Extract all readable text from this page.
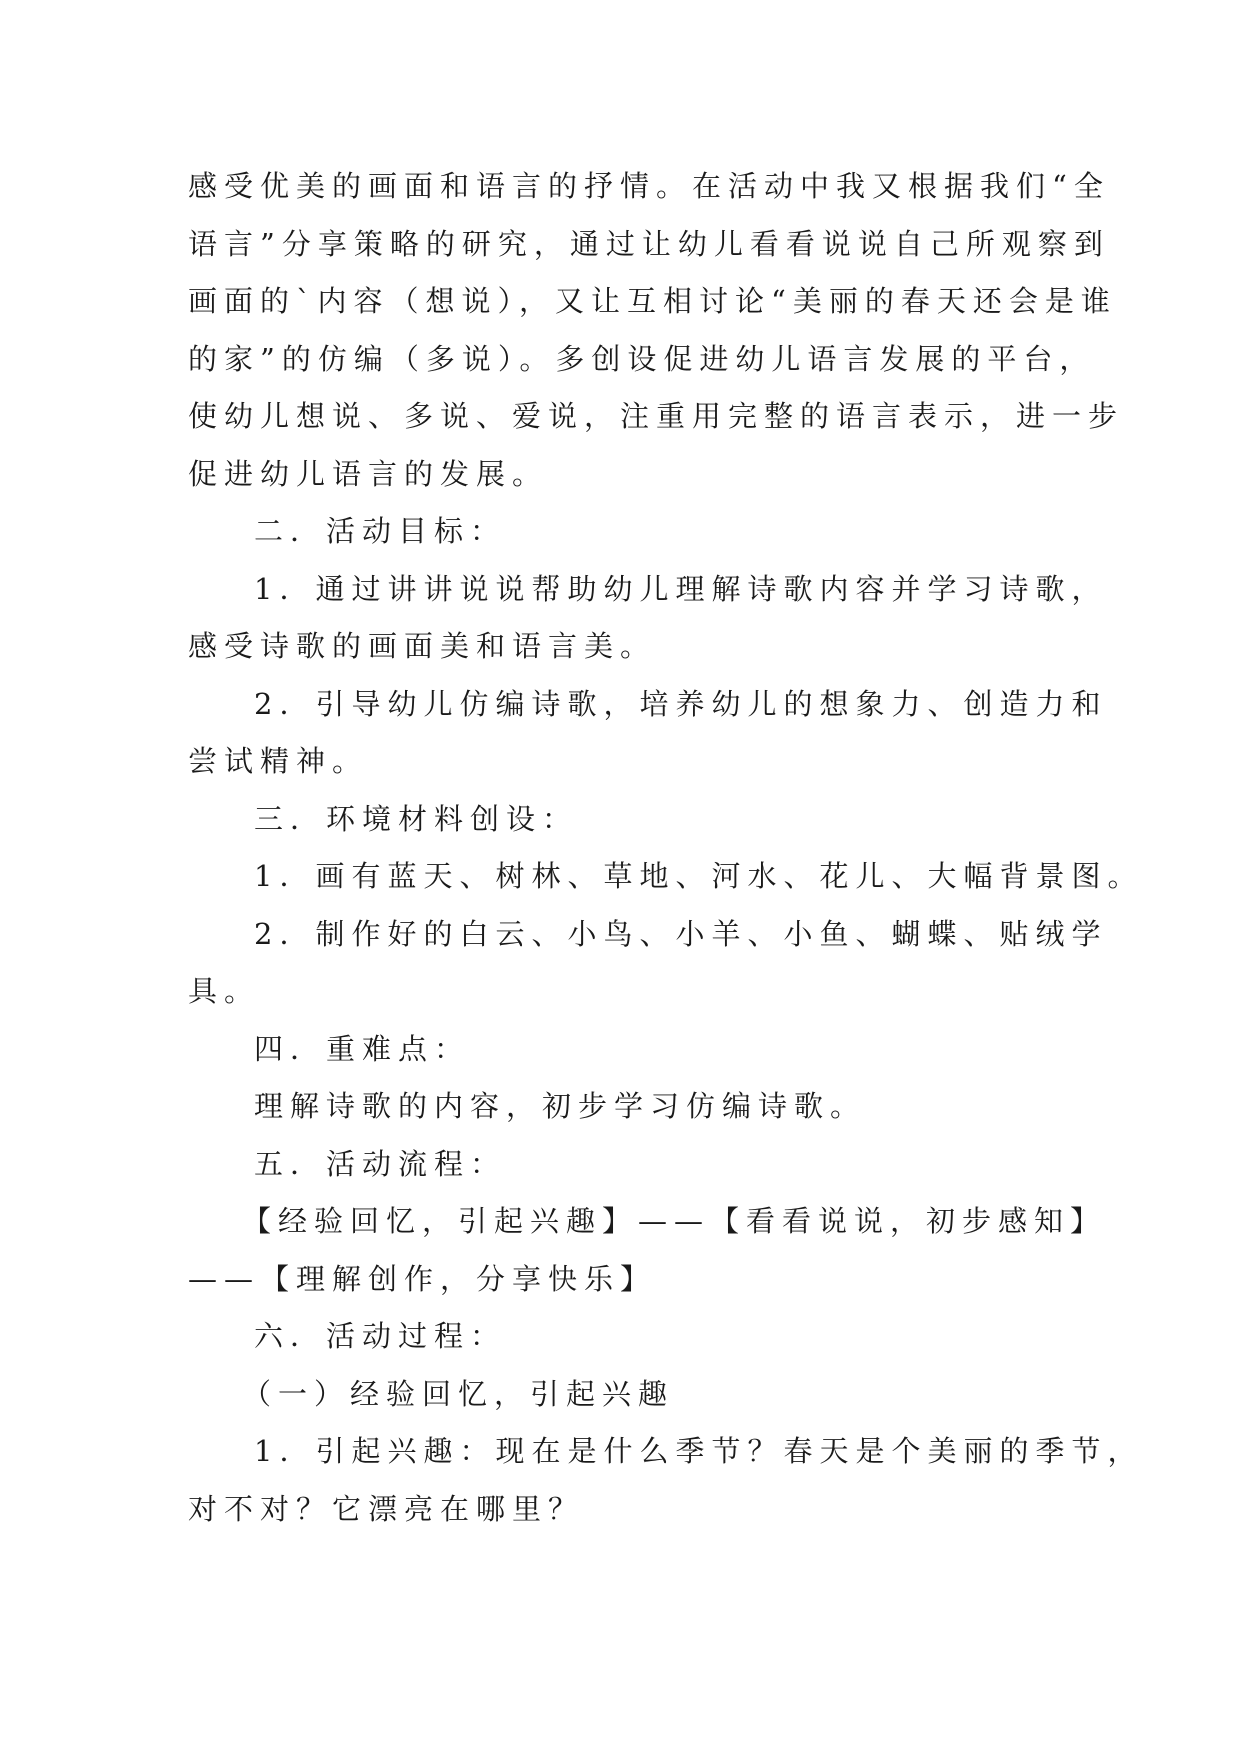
感受优美的画面和语言的抒情。在活动中我又根据我们“全
语言”分享策略的研究，通过让幼儿看看说说自己所观察到
画面的`内容（想说），又让互相讨论“美丽的春天还会是谁
的家”的仿编（多说）。多创设促进幼儿语言发展的平台，
使幼儿想说、多说、爱说，注重用完整的语言表示，进一步
促进幼儿语言的发展。
二．活动目标：
1．通过讲讲说说帮助幼儿理解诗歌内容并学习诗歌，
感受诗歌的画面美和语言美。
2．引导幼儿仿编诗歌，培养幼儿的想象力、创造力和
尝试精神。
三．环境材料创设：
1．画有蓝天、树林、草地、河水、花儿、大幅背景图。
2．制作好的白云、小鸟、小羊、小鱼、蝴蝶、贴绒学
具。
四．重难点：
理解诗歌的内容，初步学习仿编诗歌。
五．活动流程：
【经验回忆，引起兴趣】——【看看说说，初步感知】
——【理解创作，分享快乐】
六．活动过程：
（一）经验回忆，引起兴趣
1．引起兴趣：现在是什么季节？春天是个美丽的季节，
对不对？它漂亮在哪里？
